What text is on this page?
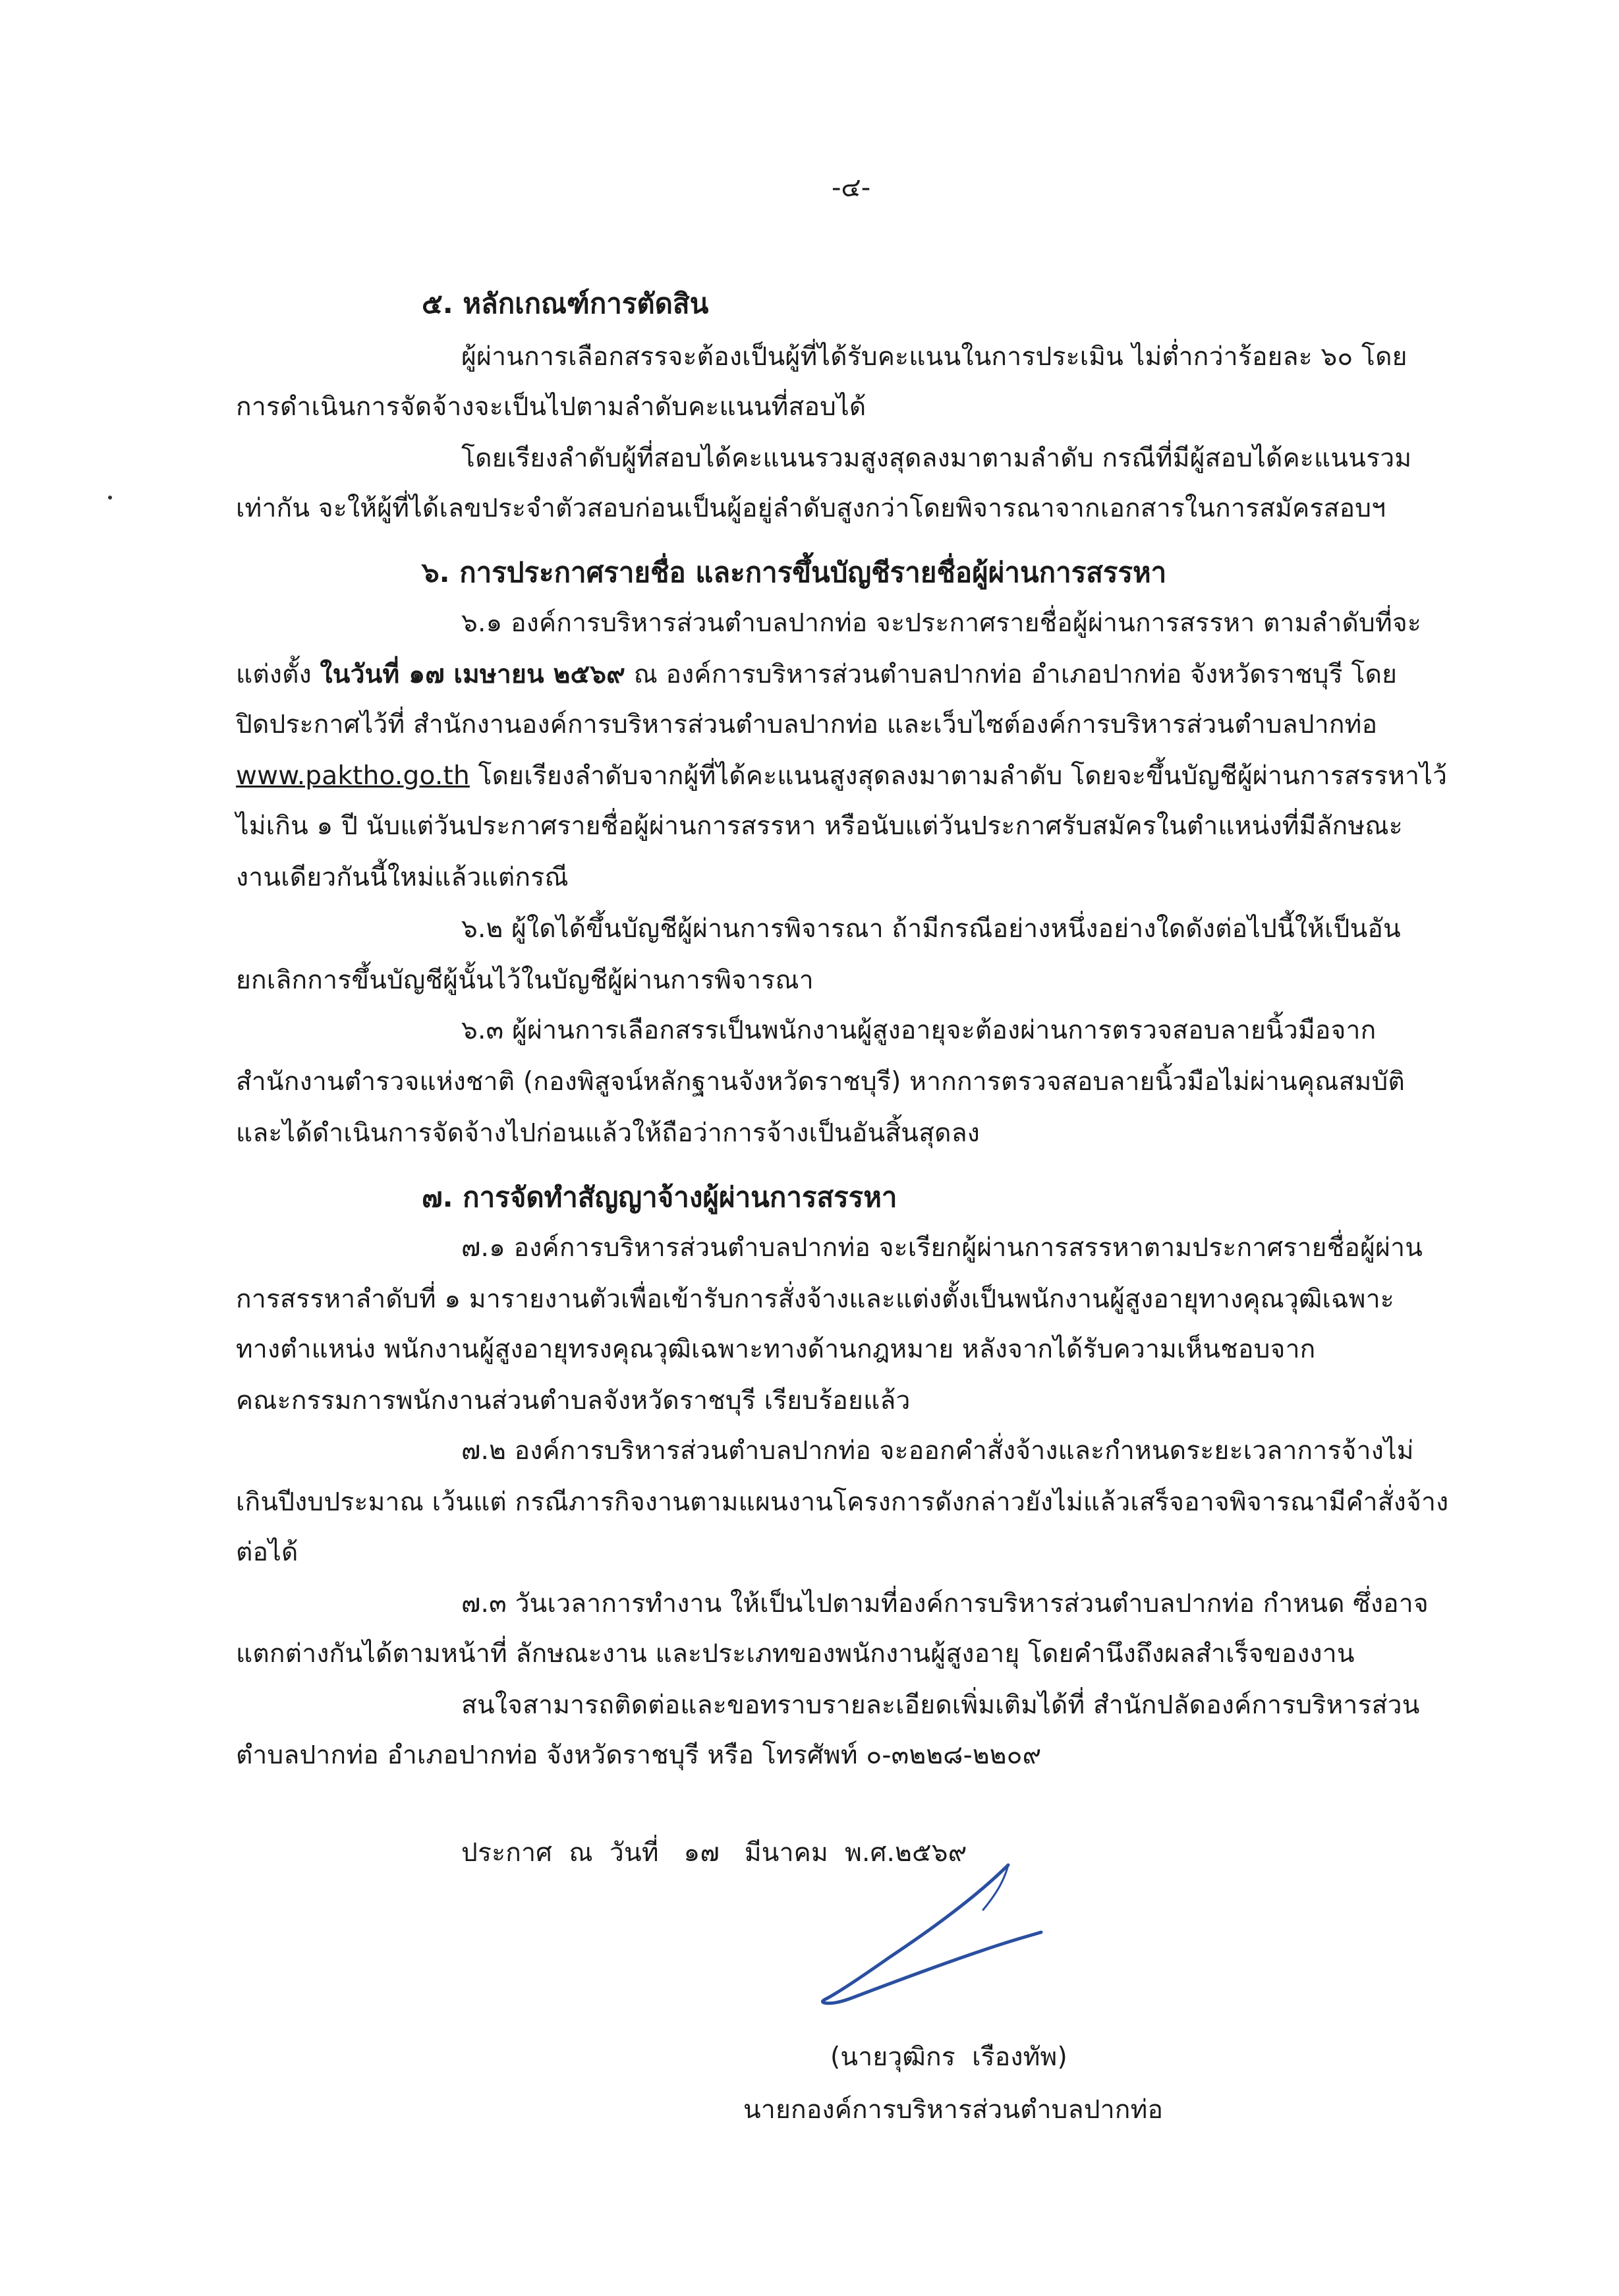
-๔-
๕. หลักเกณฑ์การตัดสิน
ผู้ผ่านการเลือกสรรจะต้องเป็นผู้ที่ได้รับคะแนนในการประเมิน ไม่ต่ำกว่าร้อยละ ๖๐ โดย
การดำเนินการจัดจ้างจะเป็นไปตามลำดับคะแนนที่สอบได้
โดยเรียงลำดับผู้ที่สอบได้คะแนนรวมสูงสุดลงมาตามลำดับ กรณีที่มีผู้สอบได้คะแนนรวม
เท่ากัน จะให้ผู้ที่ได้เลขประจำตัวสอบก่อนเป็นผู้อยู่ลำดับสูงกว่าโดยพิจารณาจากเอกสารในการสมัครสอบฯ
๖. การประกาศรายชื่อ และการขึ้นบัญชีรายชื่อผู้ผ่านการสรรหา
๖.๑ องค์การบริหารส่วนตำบลปากท่อ จะประกาศรายชื่อผู้ผ่านการสรรหา ตามลำดับที่จะ
แต่งตั้ง ในวันที่ ๑๗ เมษายน ๒๕๖๙ ณ องค์การบริหารส่วนตำบลปากท่อ อำเภอปากท่อ จังหวัดราชบุรี โดย
ปิดประกาศไว้ที่ สำนักงานองค์การบริหารส่วนตำบลปากท่อ และเว็บไซต์องค์การบริหารส่วนตำบลปากท่อ
www.paktho.go.th โดยเรียงลำดับจากผู้ที่ได้คะแนนสูงสุดลงมาตามลำดับ โดยจะขึ้นบัญชีผู้ผ่านการสรรหาไว้
ไม่เกิน ๑ ปี นับแต่วันประกาศรายชื่อผู้ผ่านการสรรหา หรือนับแต่วันประกาศรับสมัครในตำแหน่งที่มีลักษณะ
งานเดียวกันนี้ใหม่แล้วแต่กรณี
๖.๒ ผู้ใดได้ขึ้นบัญชีผู้ผ่านการพิจารณา ถ้ามีกรณีอย่างหนึ่งอย่างใดดังต่อไปนี้ให้เป็นอัน
ยกเลิกการขึ้นบัญชีผู้นั้นไว้ในบัญชีผู้ผ่านการพิจารณา
๖.๓ ผู้ผ่านการเลือกสรรเป็นพนักงานผู้สูงอายุจะต้องผ่านการตรวจสอบลายนิ้วมือจาก
สำนักงานตำรวจแห่งชาติ (กองพิสูจน์หลักฐานจังหวัดราชบุรี) หากการตรวจสอบลายนิ้วมือไม่ผ่านคุณสมบัติ
และได้ดำเนินการจัดจ้างไปก่อนแล้วให้ถือว่าการจ้างเป็นอันสิ้นสุดลง
๗. การจัดทำสัญญาจ้างผู้ผ่านการสรรหา
๗.๑ องค์การบริหารส่วนตำบลปากท่อ จะเรียกผู้ผ่านการสรรหาตามประกาศรายชื่อผู้ผ่าน
การสรรหาลำดับที่ ๑ มารายงานตัวเพื่อเข้ารับการสั่งจ้างและแต่งตั้งเป็นพนักงานผู้สูงอายุทางคุณวุฒิเฉพาะ
ทางตำแหน่ง พนักงานผู้สูงอายุทรงคุณวุฒิเฉพาะทางด้านกฎหมาย หลังจากได้รับความเห็นชอบจาก
คณะกรรมการพนักงานส่วนตำบลจังหวัดราชบุรี เรียบร้อยแล้ว
๗.๒ องค์การบริหารส่วนตำบลปากท่อ จะออกคำสั่งจ้างและกำหนดระยะเวลาการจ้างไม่
เกินปีงบประมาณ เว้นแต่ กรณีภารกิจงานตามแผนงานโครงการดังกล่าวยังไม่แล้วเสร็จอาจพิจารณามีคำสั่งจ้าง
ต่อได้
๗.๓ วันเวลาการทำงาน ให้เป็นไปตามที่องค์การบริหารส่วนตำบลปากท่อ กำหนด ซึ่งอาจ
แตกต่างกันได้ตามหน้าที่ ลักษณะงาน และประเภทของพนักงานผู้สูงอายุ โดยคำนึงถึงผลสำเร็จของงาน
สนใจสามารถติดต่อและขอทราบรายละเอียดเพิ่มเติมได้ที่ สำนักปลัดองค์การบริหารส่วน
ตำบลปากท่อ อำเภอปากท่อ จังหวัดราชบุรี หรือ โทรศัพท์ ๐-๓๒๒๘-๒๒๐๙
ประกาศ  ณ  วันที่   ๑๗   มีนาคม  พ.ศ.๒๕๖๙
(นายวุฒิกร  เรืองทัพ)
นายกองค์การบริหารส่วนตำบลปากท่อ
